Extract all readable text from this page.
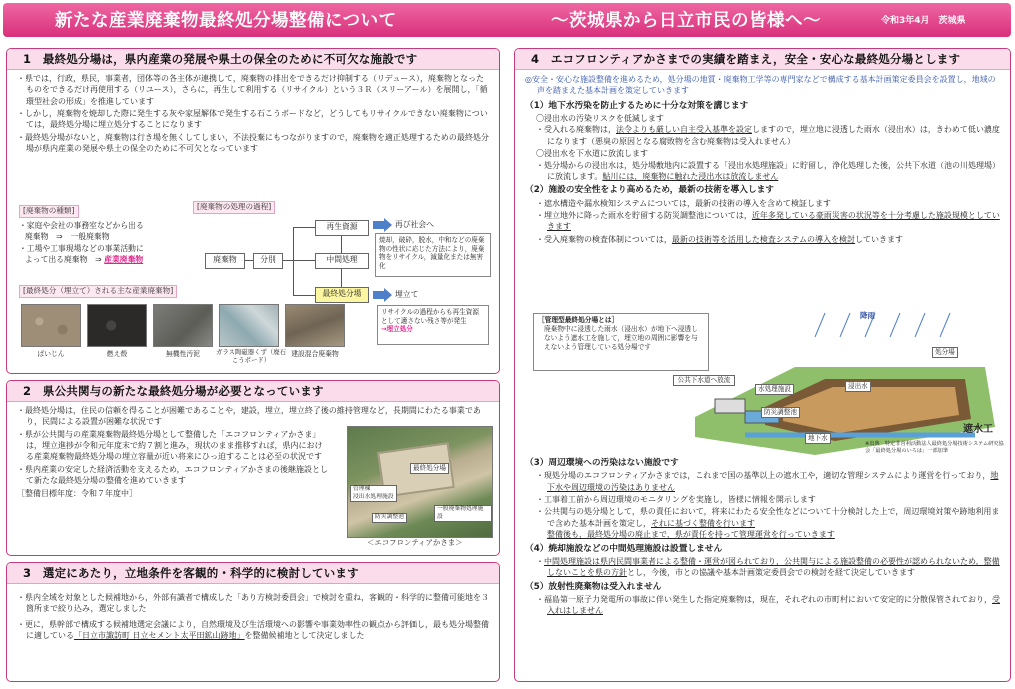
新たな産業廃棄物最終処分場整備について	～茨城県から日立市民の皆様へ～	令和3年4月　茨城県
1　最終処分場は，県内産業の発展や県土の保全のために不可欠な施設です

・県では，行政，県民，事業者，団体等の各主体が連携して，廃棄物の排出をできるだけ抑制する（リデュース），廃棄物となったものをできるだけ再使用する（リユース），さらに，再生して利用する（リサイクル）という３Ｒ（スリーアール）を展開し，「循環型社会の形成」を推進しています

・しかし，廃棄物を焼却した際に発生する灰や家屋解体で発生する石こうボードなど，どうしてもリサイクルできない廃棄物については，最終処分場に埋立処分することになります

・最終処分場がないと，廃棄物は行き場を無くしてしまい，不法投棄にもつながりますので，廃棄物を適正処理するための最終処分場が県内産業の発展や県土の保全のために不可欠となっています

[廃棄物の種類]
・家庭や会社の事務室などから出る
廃棄物　⇒　一般廃棄物
・工場や工事現場などの事業活動に
よって出る廃棄物　⇒ 産業廃棄物
[廃棄物の処理の過程]
廃棄物	分別
再生資源
中間処理
最終処分場
再び社会へ
埋立て
焼却，破砕，脱水，中和などの廃棄物の性状に応じた方法により，廃棄物をリサイクル，減量化または無害化
リサイクルの過程からも再生資源として適さない残さ等が発生
→埋立処分
[最終処分（埋立て）される主な産業廃棄物]
ばいじん	燃え殻	無機性汚泥	ガラス陶磁器くず（廃石こうボード）
建設混合廃棄物
2　県公共関与の新たな最終処分場が必要となっています

・最終処分場は，住民の信頼を得ることが困難であることや，建設，埋立，埋立終了後の維持管理など，長期間にわたる事業であり，民間による設置が困難な状況です

・県が公共関与の産業廃棄物最終処分場として整備した「エコフロンティアかさま」は，埋立進捗が令和元年度末で約７割と進み，現状のまま推移すれば，県内における産業廃棄物最終処分場の埋立容量が近い将来にひっ迫することは必至の状況です

・県内産業の安定した経済活動を支えるため，エコフロンティアかさまの後継施設として新たな最終処分場の整備を進めていきます

［整備目標年度：令和７年度中］

最終処分場
管理棟
浸出水処理施設
防災調整池
一般廃棄物処理施設
＜エコフロンティアかさま＞
3　選定にあたり，立地条件を客観的・科学的に検討しています

・県内全域を対象とした候補地から，外部有識者で構成した「あり方検討委員会」で検討を重ね，客観的・科学的に整備可能地を３箇所まで絞り込み，選定しました

・更に，県幹部で構成する候補地選定会議により，自然環境及び生活環境への影響や事業効率性の観点から評価し，最も処分場整備に適している「日立市諏訪町 日立セメント太平田鉱山跡地」を整備候補地として決定しました

4　エコフロンティアかさまでの実績を踏まえ，安全・安心な最終処分場とします

◎安全・安心な施設整備を進めるため，処分場の地質・廃棄物工学等の専門家などで構成する基本計画策定委員会を設置し，地域の声を踏まえた基本計画を策定していきます

（1）地下水汚染を防止するために十分な対策を講じます

〇浸出水の汚染リスクを低減します

・受入れる廃棄物は，法令よりも厳しい自主受入基準を設定しますので，埋立地に浸透した雨水（浸出水）は，きわめて低い濃度になります（悪臭の原因となる腐敗物を含む廃棄物は受入れません）

〇浸出水を下水道に放流します

・処分場からの浸出水は，処分場敷地内に設置する「浸出水処理施設」に貯留し，浄化処理した後，公共下水道（池の川処理場）に放流します。鮎川には，廃棄物に触れた浸出水は放流しません

（2）施設の安全性をより高めるため，最新の技術を導入します

・遮水構造や漏水検知システムについては，最新の技術の導入を含めて検証します

・埋立地外に降った雨水を貯留する防災調整池については，近年多発している豪雨災害の状況等を十分考慮した施設規模としていきます

・受入廃棄物の検査体制については，最新の技術等を活用した検査システムの導入を検討していきます

［管理型最終処分場とは］
廃棄物中に浸透した雨水（浸出水）が地下へ浸透しないよう遮水工を施して，埋立地の周囲に影響を与えないよう管理している処分場です
降雨
処分場
浸出水
公共下水道へ放流
水処理施設
防災調整池
地下水
遮水工
※出典　特定非営利活動法人最終処分場技術システム研究協会「最終処分場のいろは」一部加筆

（3）周辺環境への汚染はない施設です

・現処分場のエコフロンティアかさまでは，これまで国の基準以上の遮水工や，適切な管理システムにより運営を行っており，地下水や周辺環境の汚染はありません

・工事着工前から周辺環境のモニタリングを実施し，皆様に情報を開示します

・公共関与の処分場として，県の責任において，将来にわたる安全性などについて十分検討した上で，周辺環境対策や跡地利用まで含めた基本計画を策定し，それに基づく整備を行います
整備後も，最終処分場の廃止まで，県が責任を持って管理運営を行っていきます

（4）焼却施設などの中間処理施設は設置しません

・中間処理施設は県内民間事業者による整備・運営が図られており，公共関与による施設整備の必要性が認められないため，整備しないことを県の方針とし，今後，市との協議や基本計画策定委員会での検討を経て決定していきます

（5）放射性廃棄物は受入れません

・福島第一原子力発電所の事故に伴い発生した指定廃棄物は，現在，それぞれの市町村において安定的に分散保管されており，受入れはしません
